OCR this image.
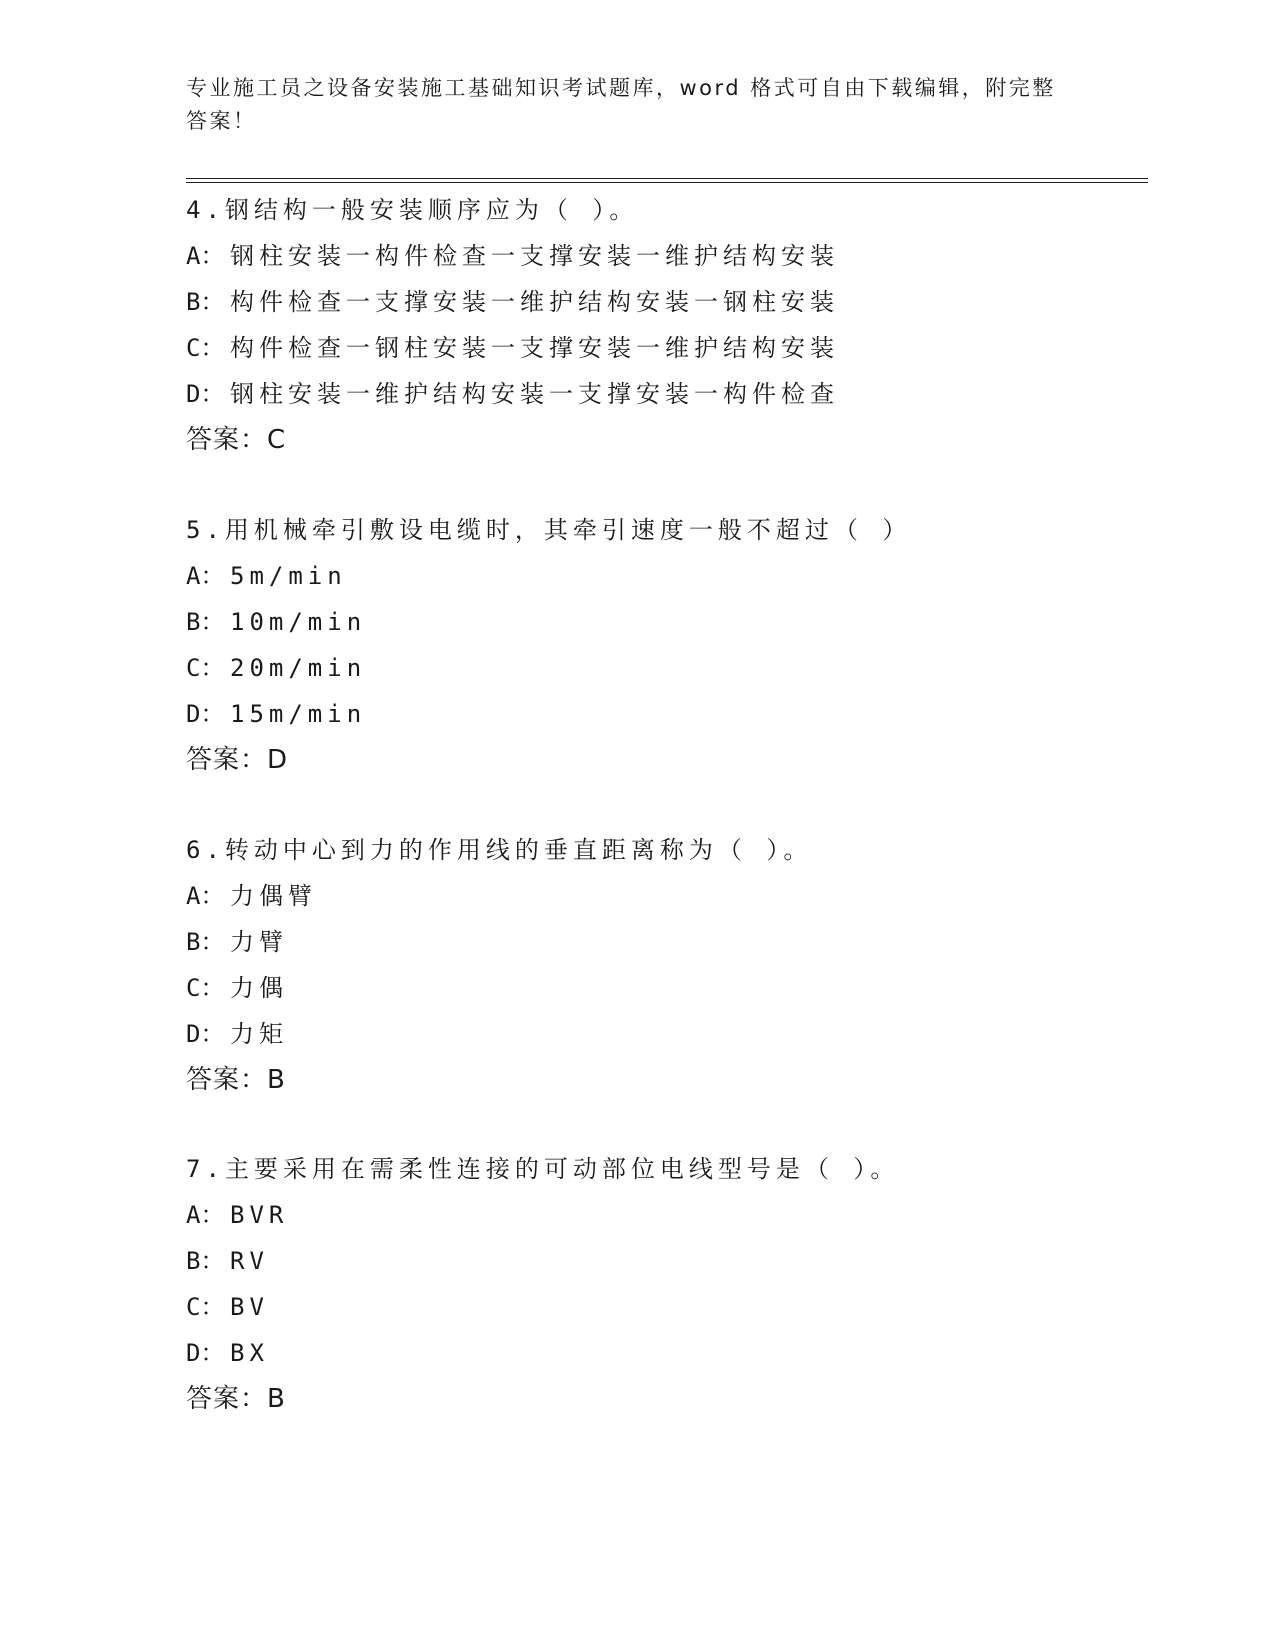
专业施工员之设备安装施工基础知识考试题库，word 格式可自由下载编辑，附完整答案！
4.钢结构一般安装顺序应为（ ）。
A： 钢柱安装一构件检查一支撑安装一维护结构安装
B： 构件检查一支撑安装一维护结构安装一钢柱安装
C： 构件检查一钢柱安装一支撑安装一维护结构安装
D： 钢柱安装一维护结构安装一支撑安装一构件检查
答案：C
5.用机械牵引敷设电缆时，其牵引速度一般不超过（ ）
A： 5m/min
B： 10m/min
C： 20m/min
D： 15m/min
答案：D
6.转动中心到力的作用线的垂直距离称为（ ）。
A： 力偶臂
B： 力臂
C： 力偶
D： 力矩
答案：B
7.主要采用在需柔性连接的可动部位电线型号是（ ）。
A： BVR
B： RV
C： BV
D： BX
答案：B
